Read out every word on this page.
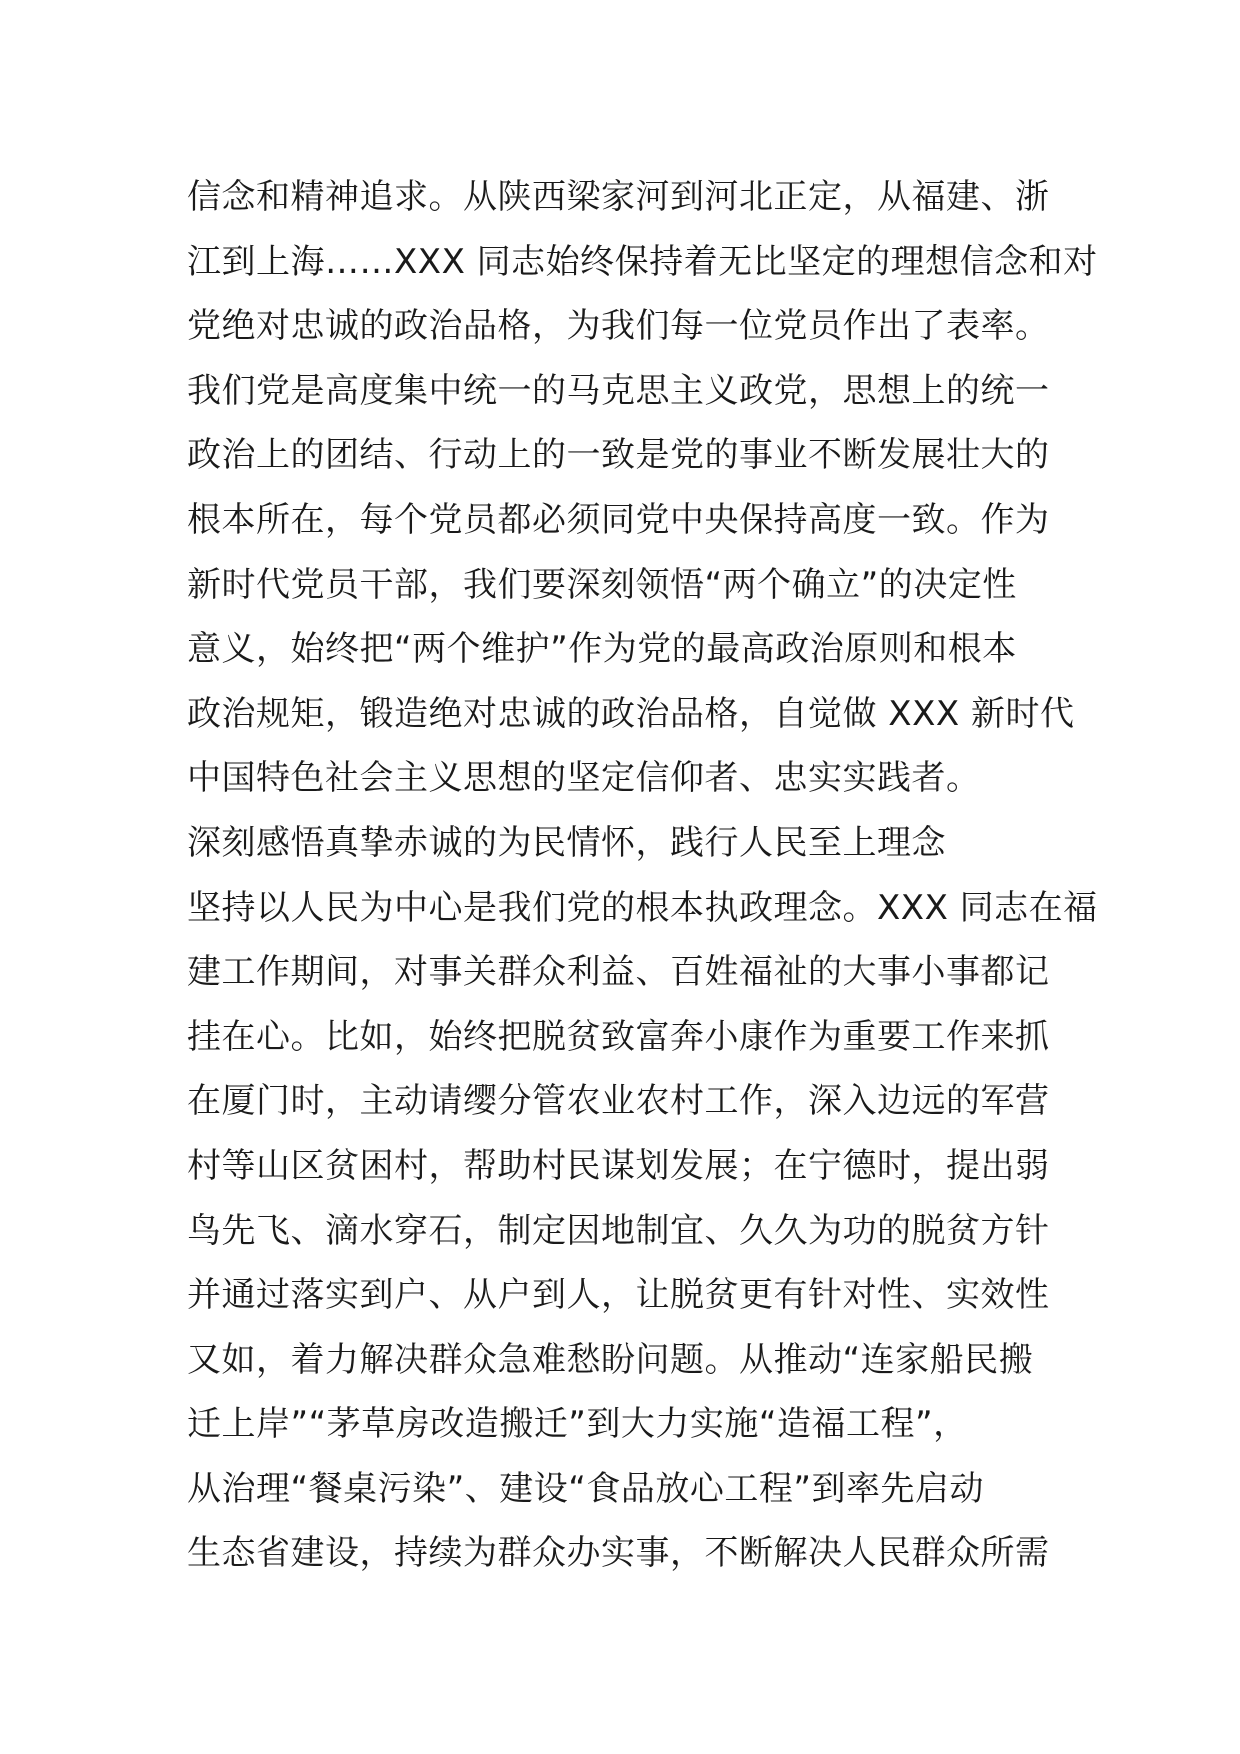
信念和精神追求。从陕西梁家河到河北正定，从福建、浙
江到上海……XXX 同志始终保持着无比坚定的理想信念和对
党绝对忠诚的政治品格，为我们每一位党员作出了表率。
我们党是高度集中统一的马克思主义政党，思想上的统一
政治上的团结、行动上的一致是党的事业不断发展壮大的
根本所在，每个党员都必须同党中央保持高度一致。作为
新时代党员干部，我们要深刻领悟“两个确立”的决定性
意义，始终把“两个维护”作为党的最高政治原则和根本
政治规矩，锻造绝对忠诚的政治品格，自觉做 XXX 新时代
中国特色社会主义思想的坚定信仰者、忠实实践者。
深刻感悟真挚赤诚的为民情怀，践行人民至上理念
坚持以人民为中心是我们党的根本执政理念。XXX 同志在福
建工作期间，对事关群众利益、百姓福祉的大事小事都记
挂在心。比如，始终把脱贫致富奔小康作为重要工作来抓
在厦门时，主动请缨分管农业农村工作，深入边远的军营
村等山区贫困村，帮助村民谋划发展；在宁德时，提出弱
鸟先飞、滴水穿石，制定因地制宜、久久为功的脱贫方针
并通过落实到户、从户到人，让脱贫更有针对性、实效性
又如，着力解决群众急难愁盼问题。从推动“连家船民搬
迁上岸”“茅草房改造搬迁”到大力实施“造福工程”，
从治理“餐桌污染”、建设“食品放心工程”到率先启动
生态省建设，持续为群众办实事，不断解决人民群众所需
